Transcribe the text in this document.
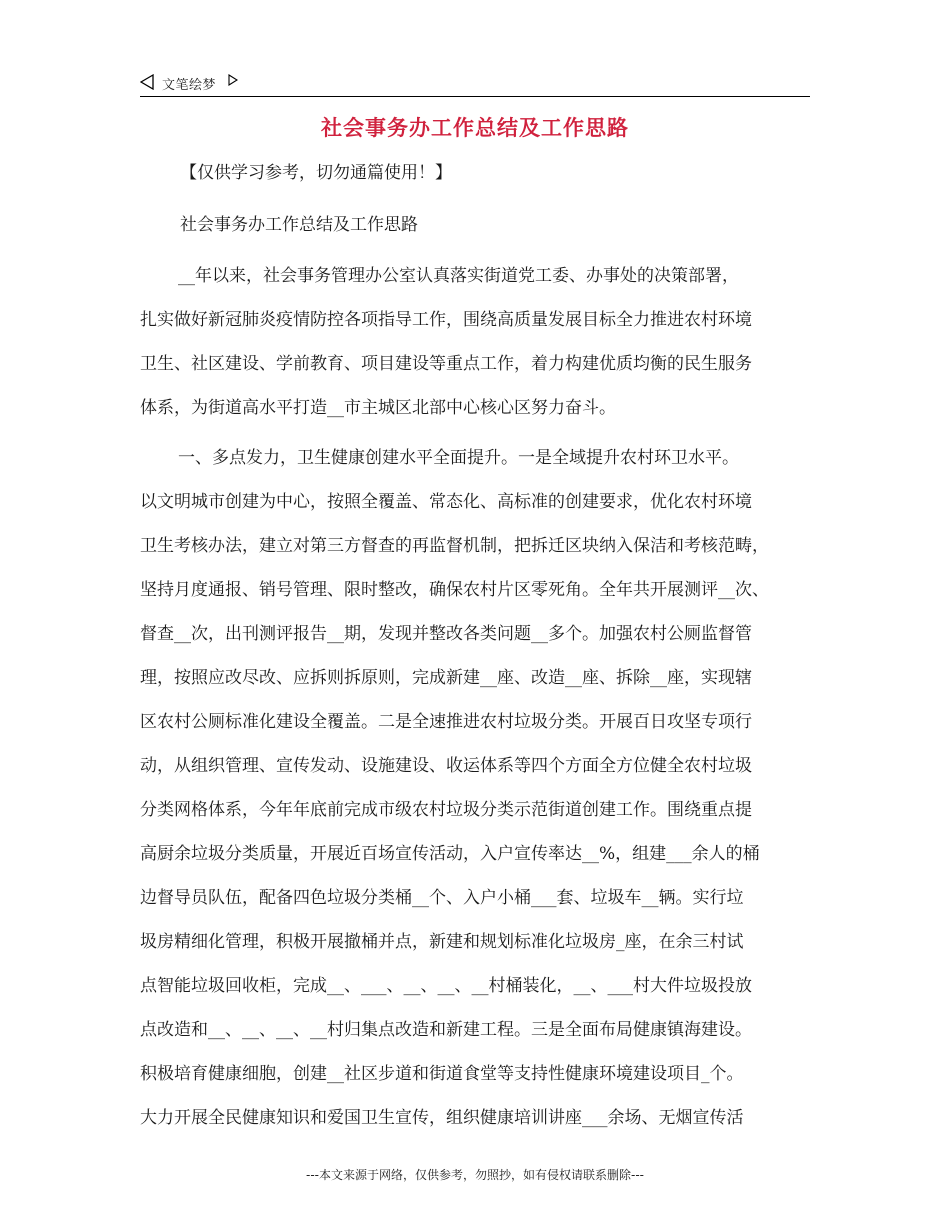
文笔绘梦
社会事务办工作总结及工作思路
【仅供学习参考，切勿通篇使用！】
社会事务办工作总结及工作思路
__年以来，社会事务管理办公室认真落实街道党工委、办事处的决策部署，
扎实做好新冠肺炎疫情防控各项指导工作，围绕高质量发展目标全力推进农村环境
卫生、社区建设、学前教育、项目建设等重点工作，着力构建优质均衡的民生服务
体系，为街道高水平打造__市主城区北部中心核心区努力奋斗。
一、多点发力，卫生健康创建水平全面提升。一是全域提升农村环卫水平。
以文明城市创建为中心，按照全覆盖、常态化、高标准的创建要求，优化农村环境
卫生考核办法，建立对第三方督查的再监督机制，把拆迁区块纳入保洁和考核范畴，
坚持月度通报、销号管理、限时整改，确保农村片区零死角。全年共开展测评__次、
督查__次，出刊测评报告__期，发现并整改各类问题__多个。加强农村公厕监督管
理，按照应改尽改、应拆则拆原则，完成新建__座、改造__座、拆除__座，实现辖
区农村公厕标准化建设全覆盖。二是全速推进农村垃圾分类。开展百日攻坚专项行
动，从组织管理、宣传发动、设施建设、收运体系等四个方面全方位健全农村垃圾
分类网格体系，今年年底前完成市级农村垃圾分类示范街道创建工作。围绕重点提
高厨余垃圾分类质量，开展近百场宣传活动，入户宣传率达__%，组建___余人的桶
边督导员队伍，配备四色垃圾分类桶__个、入户小桶___套、垃圾车__辆。实行垃
圾房精细化管理，积极开展撤桶并点，新建和规划标准化垃圾房_座，在余三村试
点智能垃圾回收柜，完成__、___、__、__、__村桶装化，__、___村大件垃圾投放
点改造和__、__、__、__村归集点改造和新建工程。三是全面布局健康镇海建设。
积极培育健康细胞，创建__社区步道和街道食堂等支持性健康环境建设项目_个。
大力开展全民健康知识和爱国卫生宣传，组织健康培训讲座___余场、无烟宣传活
---本文来源于网络，仅供参考，勿照抄，如有侵权请联系删除---
